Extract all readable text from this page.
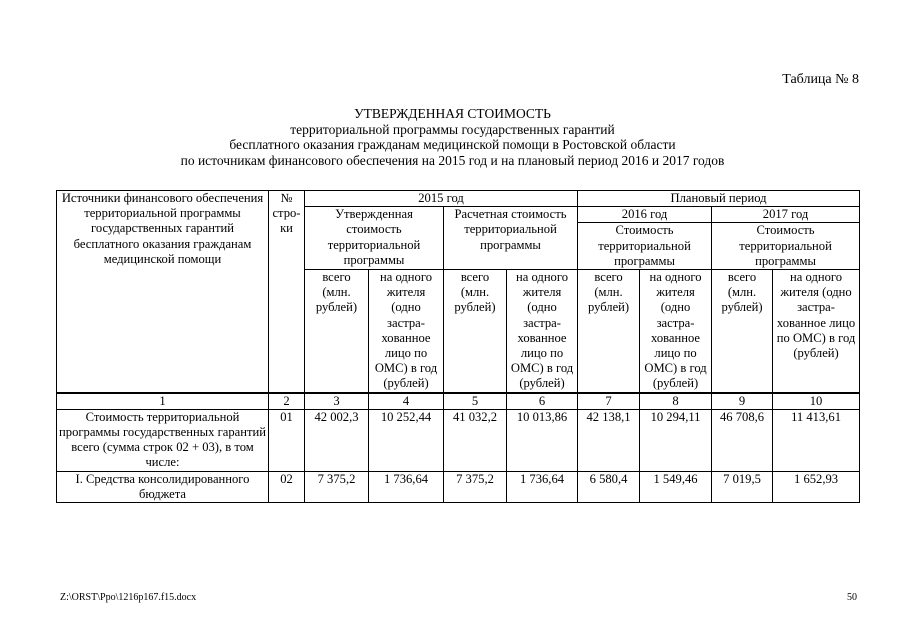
Таблица № 8
УТВЕРЖДЕННАЯ СТОИМОСТЬ
территориальной программы государственных гарантий
бесплатного оказания гражданам медицинской помощи в Ростовской области
по источникам финансового обеспечения на 2015 год и на плановый период 2016 и 2017 годов
Источники финансового обеспечения территориальной программы государственных гарантий бесплатного оказания гражданам медицинской помощи	№ стро-ки	2015 год				Плановый период			
		Утвержденная стоимость территориальной программы		Расчетная стоимость территориальной программы		2016 год		2017 год	
						Стоимость территориальной программы		Стоимость территориальной программы	
		всего (млн. рублей)	на одного жителя (одно застра-хованное лицо по ОМС) в год (рублей)	всего (млн. рублей)	на одного жителя (одно застра-хованное лицо по ОМС) в год (рублей)	всего (млн. рублей)	на одного жителя (одно застра-хованное лицо по ОМС) в год (рублей)	всего (млн. рублей)	на одного жителя (одно застра-хованное лицо по ОМС) в год (рублей)
1	2	3	4	5	6	7	8	9	10
Стоимость территориальной программы государственных гарантий всего (сумма строк 02 + 03), в том числе:	01	42 002,3	10 252,44	41 032,2	10 013,86	42 138,1	10 294,11	46 708,6	11 413,61
I. Средства консолидированного бюджета	02	7 375,2	1 736,64	7 375,2	1 736,64	6 580,4	1 549,46	7 019,5	1 652,93
Z:\ORST\Ppo\1216p167.f15.docx	50
